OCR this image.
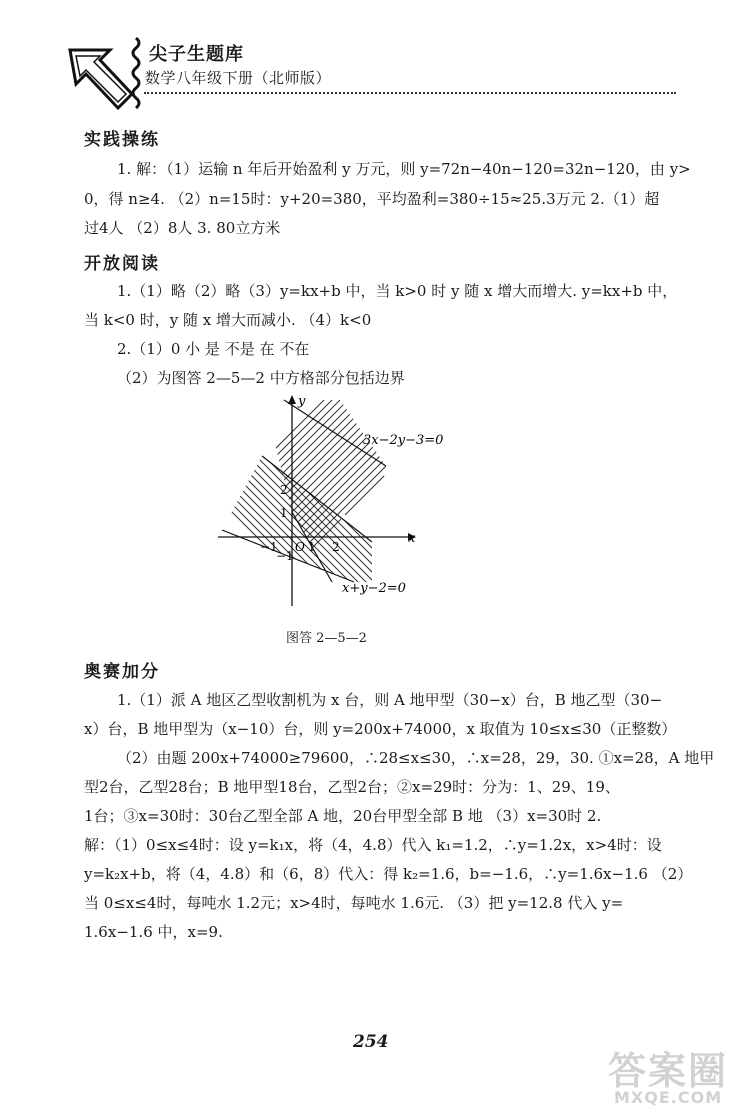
尖子生题库
数学八年级下册（北师版）
实践操练
1. 解：（1）运输 n 年后开始盈利 y 万元，则 y=72n−40n−120=32n−120，由 y>
0，得 n≥4. （2）n=15时：y+20=380，平均盈利=380÷15≈25.3万元 2.（1）超
过4人 （2）8人 3. 80立方米
开放阅读
1.（1）略（2）略（3）y=kx+b 中，当 k>0 时 y 随 x 增大而增大. y=kx+b 中，
当 k<0 时，y 随 x 增大而减小. （4）k<0
2.（1）0 小 是 不是 在 不在
（2）为图答 2—5—2 中方格部分包括边界
y
x
3x−2y−3=0
x+y−2=0
O
−1	1 2
1
2
−1
图答 2—5—2
奥赛加分
1.（1）派 A 地区乙型收割机为 x 台，则 A 地甲型（30−x）台，B 地乙型（30−
x）台，B 地甲型为（x−10）台，则 y=200x+74000，x 取值为 10≤x≤30（正整数）
（2）由题 200x+74000≥79600，∴28≤x≤30，∴x=28，29，30. ①x=28，A 地甲
型2台，乙型28台；B 地甲型18台，乙型2台；②x=29时：分为：1、29、19、
1台；③x=30时：30台乙型全部 A 地，20台甲型全部 B 地 （3）x=30时 2.
解：（1）0≤x≤4时：设 y=k₁x，将（4，4.8）代入 k₁=1.2，∴y=1.2x，x>4时：设
y=k₂x+b，将（4，4.8）和（6，8）代入：得 k₂=1.6，b=−1.6，∴y=1.6x−1.6 （2）
当 0≤x≤4时，每吨水 1.2元；x>4时，每吨水 1.6元. （3）把 y=12.8 代入 y=
1.6x−1.6 中，x=9.
254
答案圈
MXQE.COM
